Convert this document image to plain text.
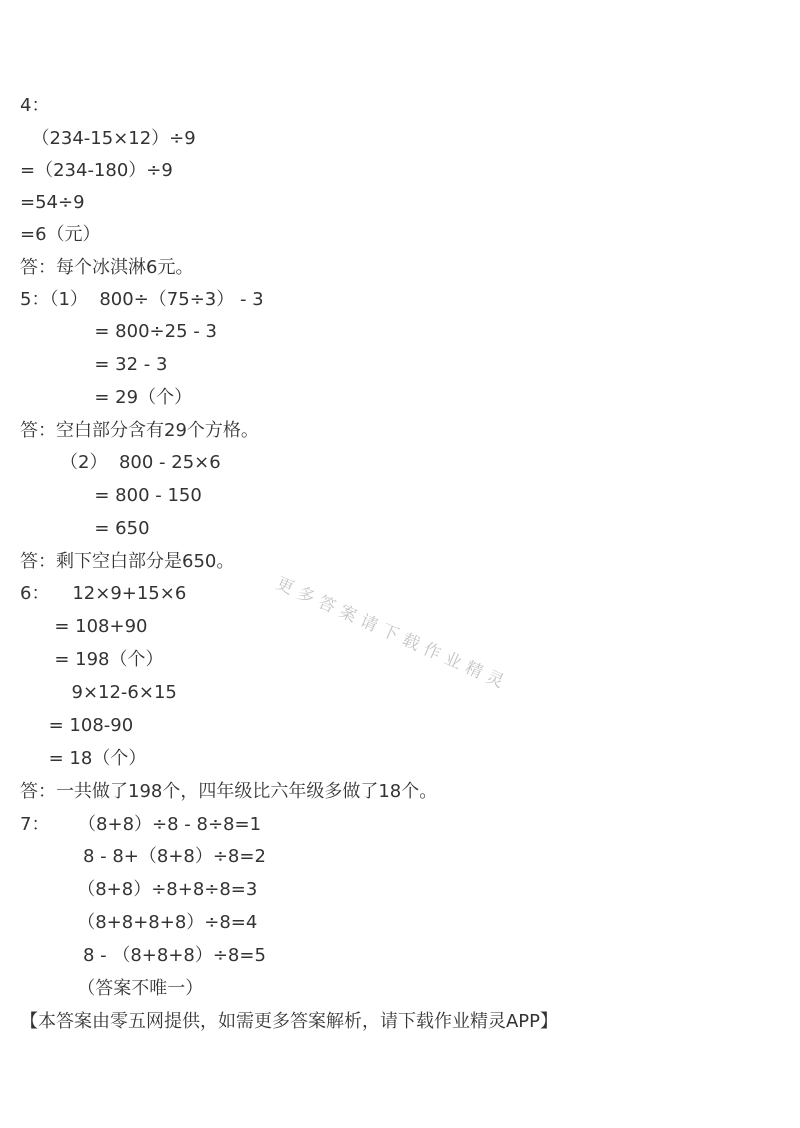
4：
（234-15×12）÷9
=（234-180）÷9
=54÷9
=6（元）
答：每个冰淇淋6元。
5：（1）  800÷（75÷3） - 3
= 800÷25 - 3
= 32 - 3
= 29（个）
答：空白部分含有29个方格。
（2）  800 - 25×6
= 800 - 150
= 650
答：剩下空白部分是650。
6：    12×9+15×6
= 108+90
= 198（个）
9×12-6×15
= 108-90
= 18（个）
答：一共做了198个，四年级比六年级多做了18个。
7：     （8+8）÷8 - 8÷8=1
8 - 8+（8+8）÷8=2
（8+8）÷8+8÷8=3
（8+8+8+8）÷8=4
8 - （8+8+8）÷8=5
（答案不唯一）
【本答案由零五网提供，如需更多答案解析，请下载作业精灵APP】
更多答案请下载作业精灵
